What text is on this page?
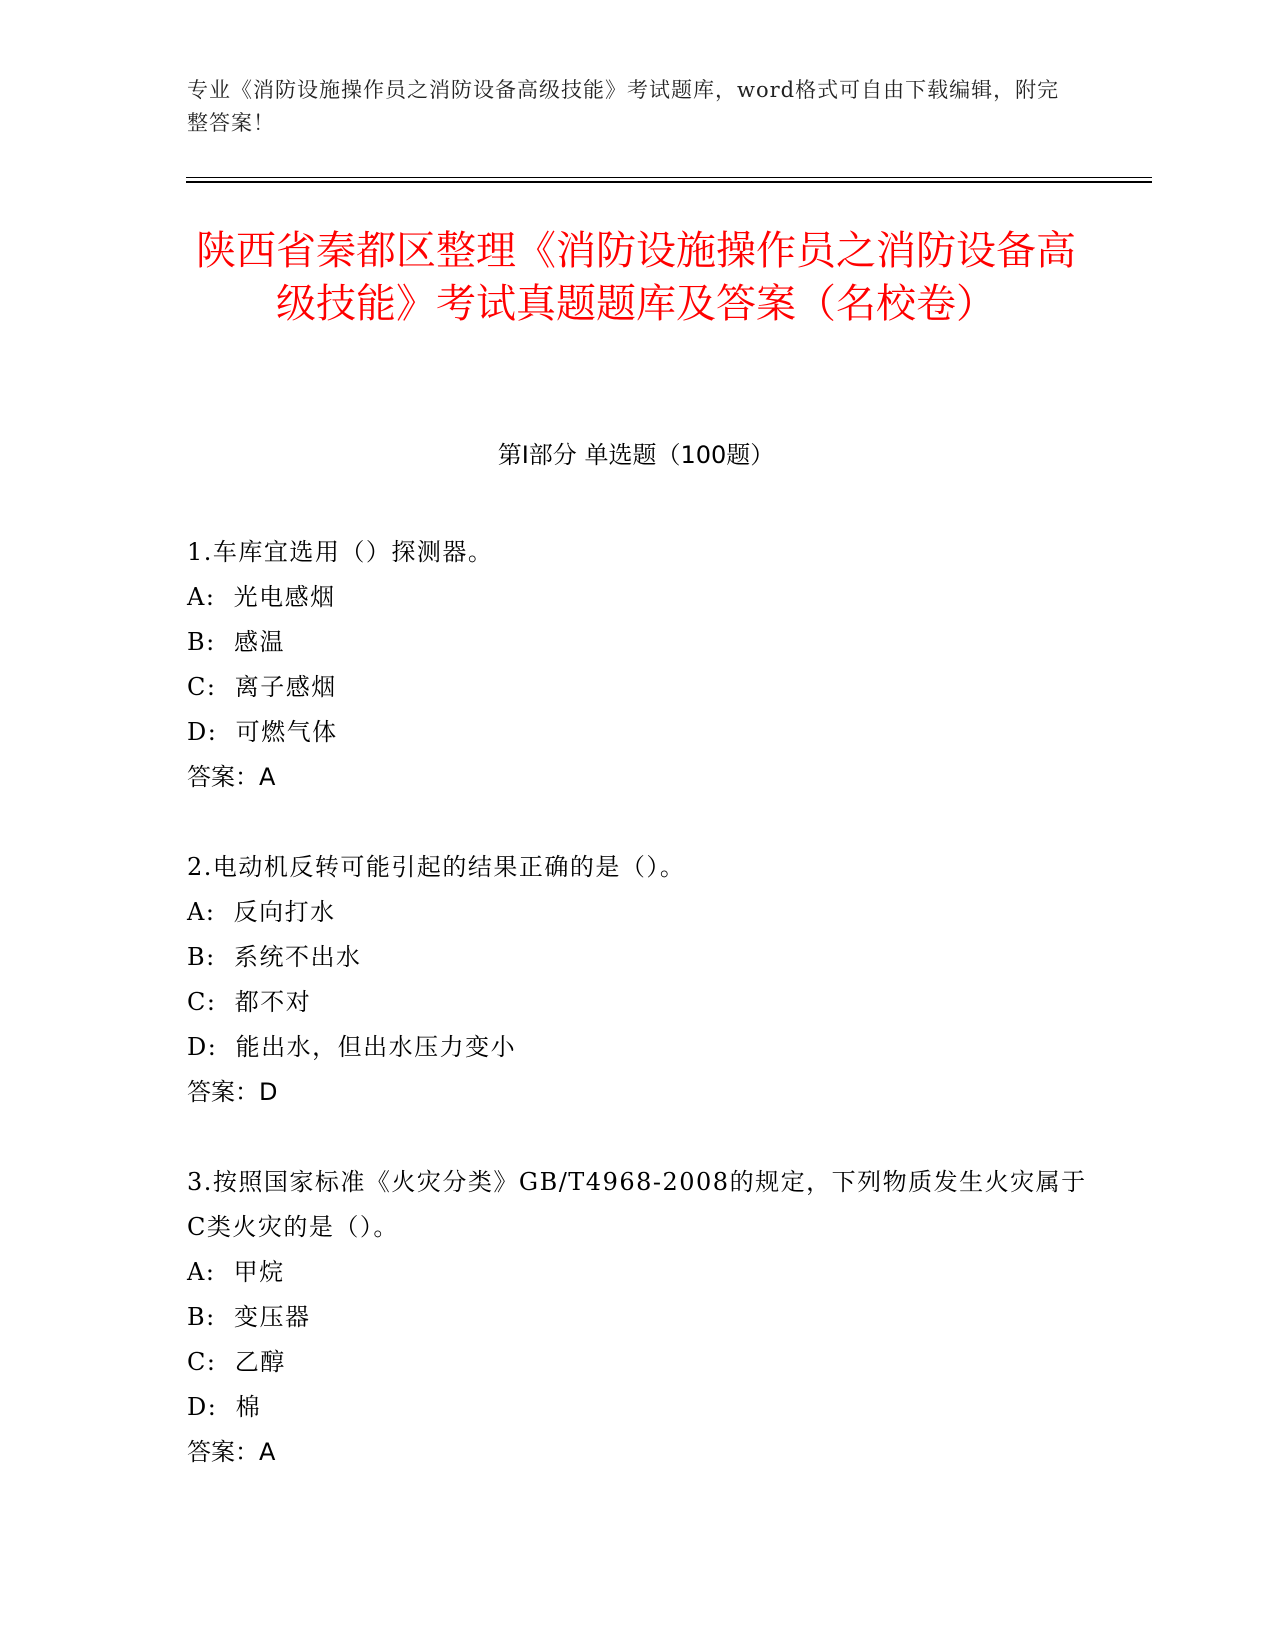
专业《消防设施操作员之消防设备高级技能》考试题库，word格式可自由下载编辑，附完整答案！
陕西省秦都区整理《消防设施操作员之消防设备高级技能》考试真题题库及答案（名校卷）
第I部分 单选题（100题）
1.车库宜选用（）探测器。
A:  光电感烟
B:  感温
C:  离子感烟
D:  可燃气体
答案：A
2.电动机反转可能引起的结果正确的是（）。
A:  反向打水
B:  系统不出水
C:  都不对
D:  能出水，但出水压力变小
答案：D
3.按照国家标准《火灾分类》GB/T4968-2008的规定，下列物质发生火灾属于C类火灾的是（）。
A:  甲烷
B:  变压器
C:  乙醇
D:  棉
答案：A
